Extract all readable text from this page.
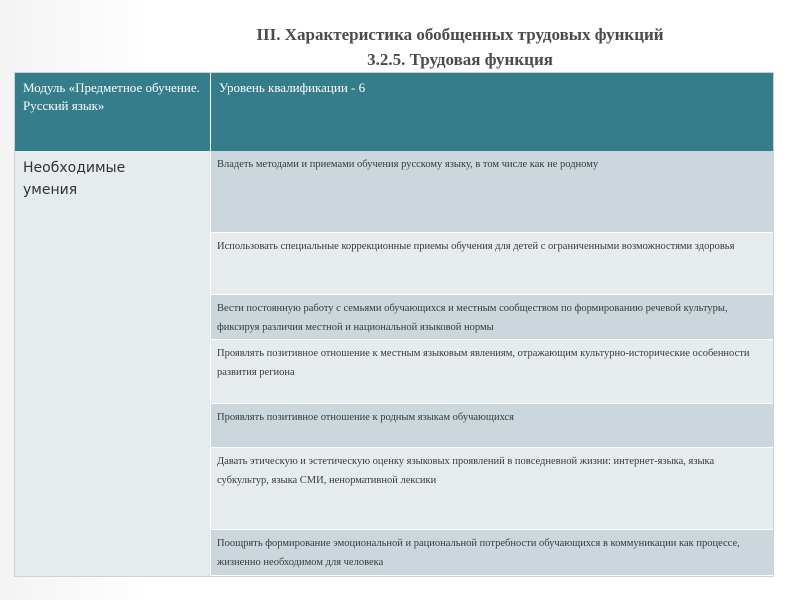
III. Характеристика обобщенных трудовых функций
3.2.5. Трудовая функция
Модуль «Предметное обучение. Русский язык»
Уровень квалификации - 6
Необходимые умения
Владеть методами и приемами обучения русскому языку, в том числе как не родному
Использовать специальные коррекционные приемы обучения для детей с ограниченными возможностями здоровья
Вести постоянную работу с семьями обучающихся и местным сообществом по формированию речевой культуры, фиксируя различия местной и национальной языковой нормы
Проявлять позитивное отношение к местным языковым явлениям, отражающим культурно-исторические особенности развития региона
Проявлять позитивное отношение к родным языкам обучающихся
Давать этическую и эстетическую оценку языковых проявлений в повседневной жизни: интернет-языка, языка субкультур, языка СМИ, ненормативной лексики
Поощрять формирование эмоциональной и рациональной потребности обучающихся в коммуникации как процессе, жизненно необходимом для человека
